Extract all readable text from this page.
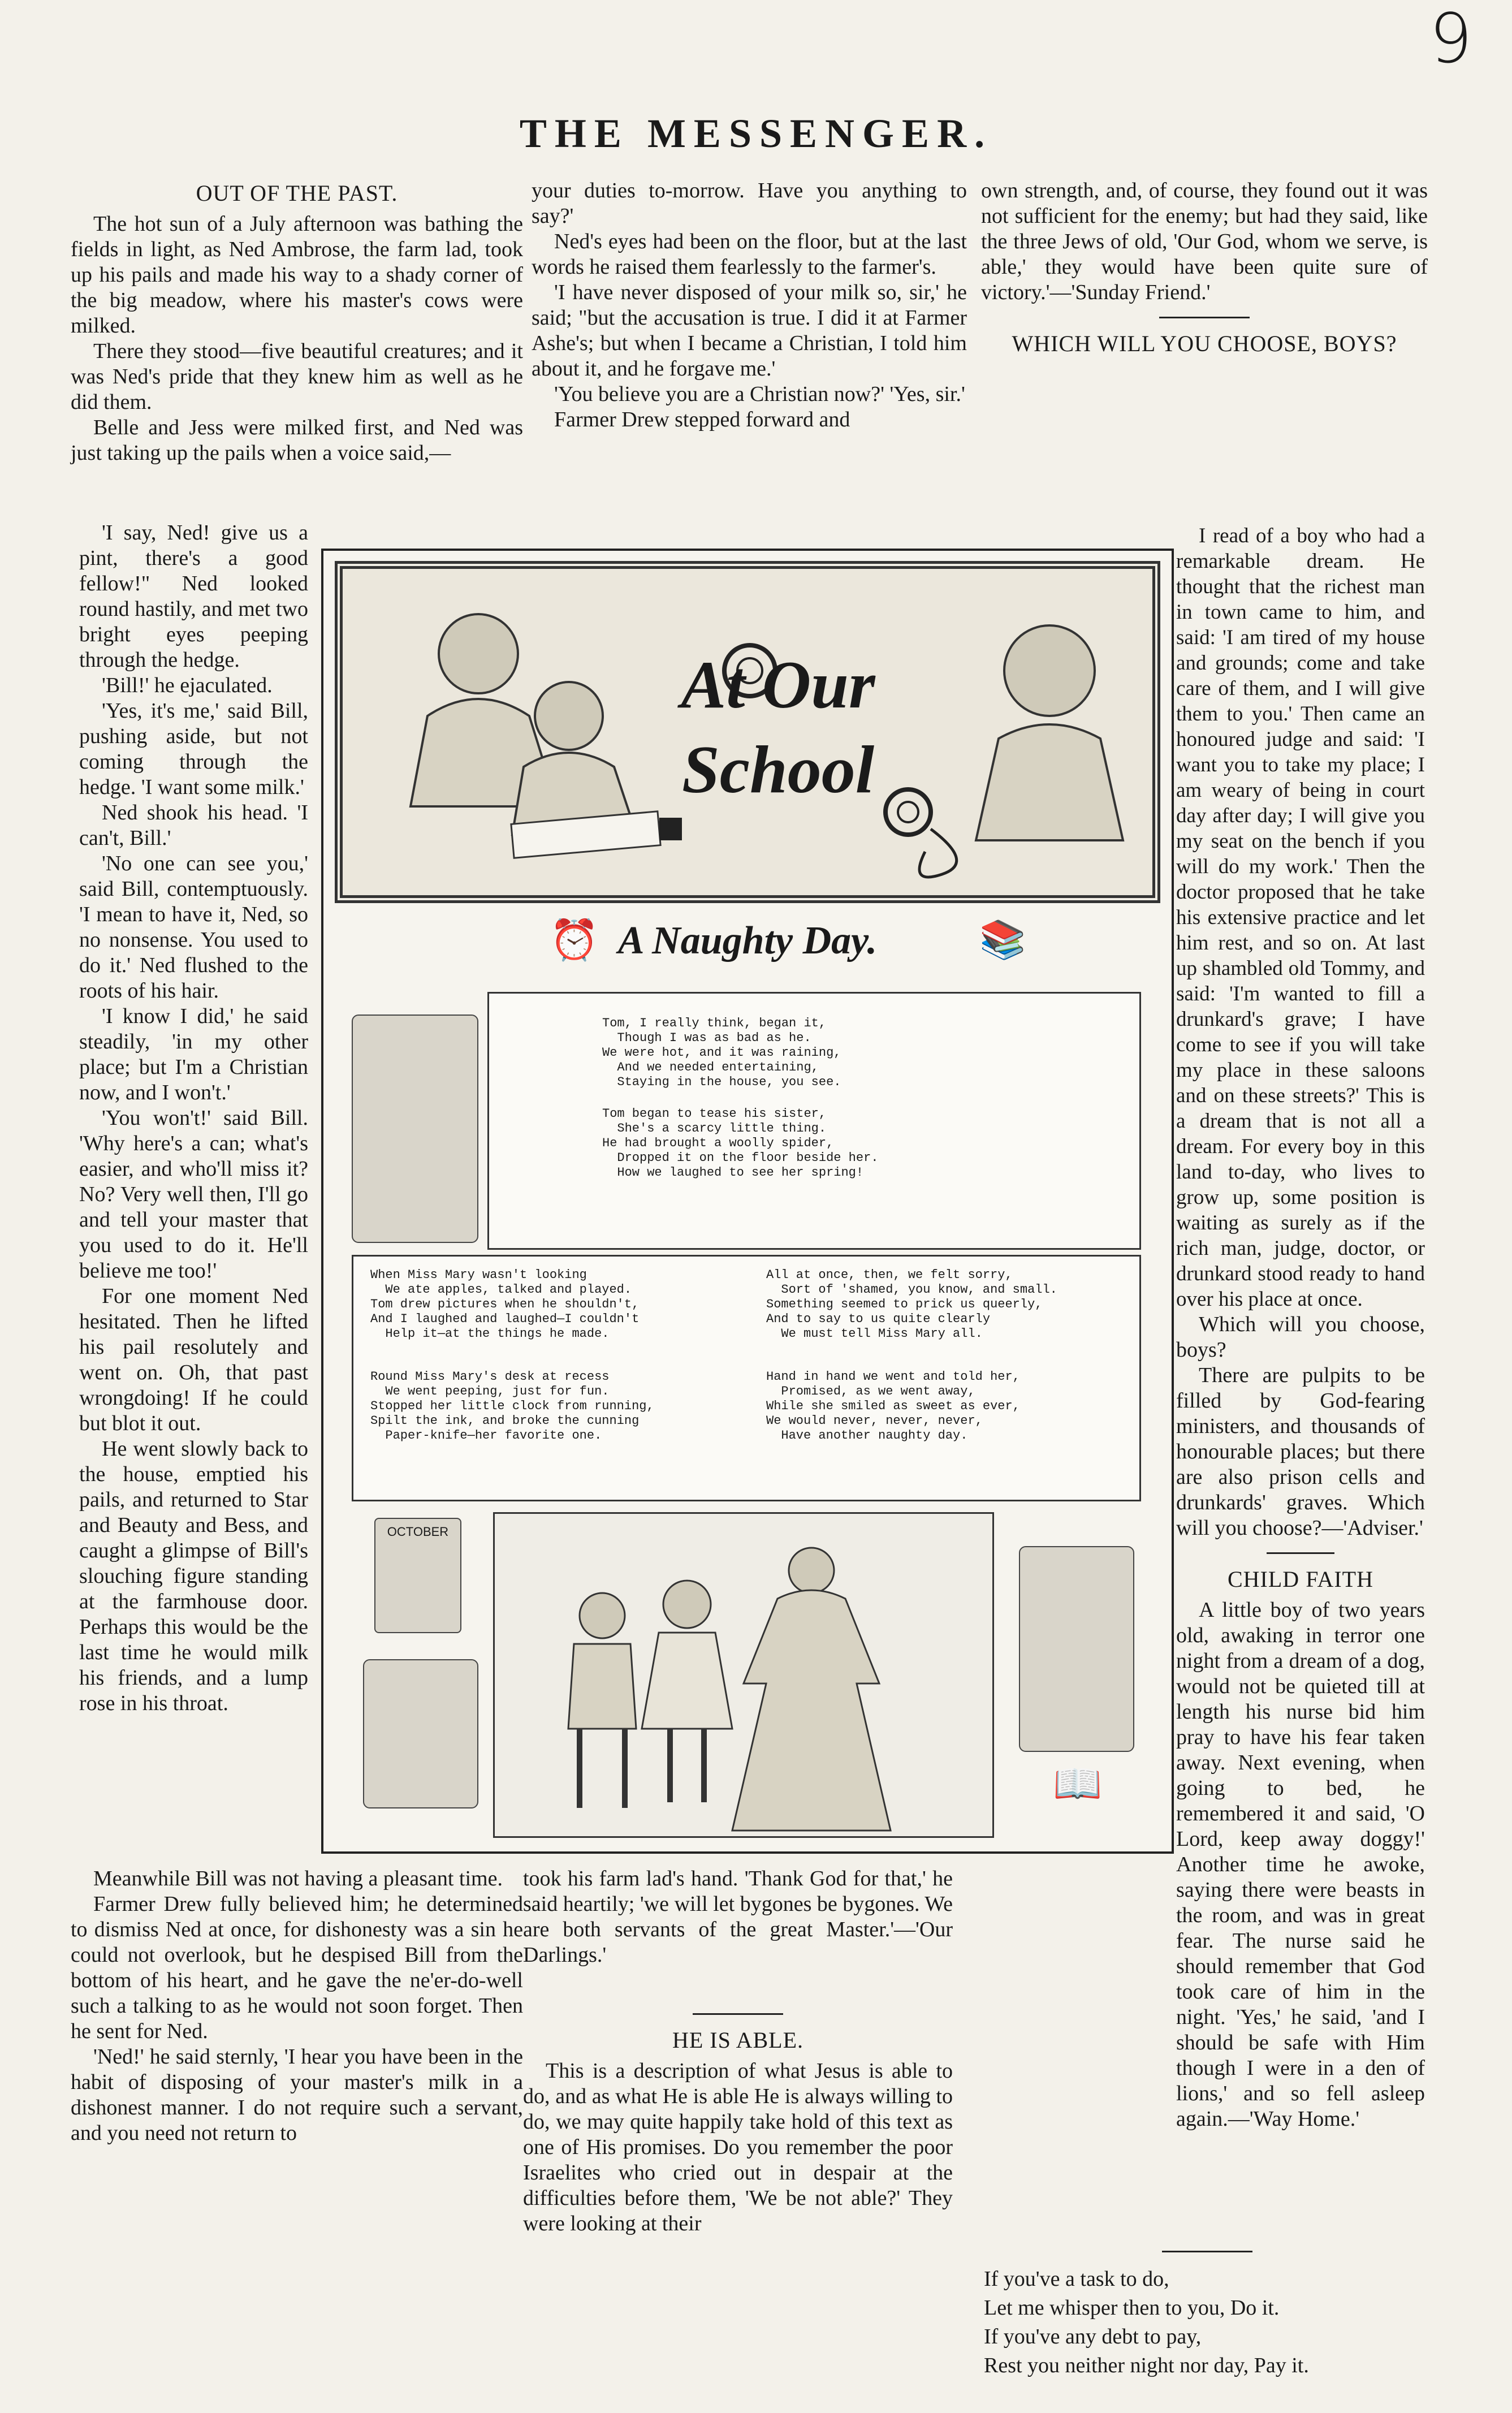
9
THE MESSENGER.
OUT OF THE PAST.

The hot sun of a July afternoon was bathing the fields in light, as Ned Ambrose, the farm lad, took up his pails and made his way to a shady corner of the big meadow, where his master's cows were milked.

There they stood—five beautiful creatures; and it was Ned's pride that they knew him as well as he did them.

Belle and Jess were milked first, and Ned was just taking up the pails when a voice said,—

'I say, Ned! give us a pint, there's a good fellow!" Ned looked round hastily, and met two bright eyes peeping through the hedge.

'Bill!' he ejaculated.

'Yes, it's me,' said Bill, pushing aside, but not coming through the hedge. 'I want some milk.'

Ned shook his head. 'I can't, Bill.'

'No one can see you,' said Bill, contemptuously. 'I mean to have it, Ned, so no nonsense. You used to do it.' Ned flushed to the roots of his hair.

'I know I did,' he said steadily, 'in my other place; but I'm a Christian now, and I won't.'

'You won't!' said Bill. 'Why here's a can; what's easier, and who'll miss it? No? Very well then, I'll go and tell your master that you used to do it. He'll believe me too!'

For one moment Ned hesitated. Then he lifted his pail resolutely and went on. Oh, that past wrongdoing! If he could but blot it out.

He went slowly back to the house, emptied his pails, and returned to Star and Beauty and Bess, and caught a glimpse of Bill's slouching figure standing at the farmhouse door. Perhaps this would be the last time he would milk his friends, and a lump rose in his throat.

Meanwhile Bill was not having a pleasant time.

Farmer Drew fully believed him; he determined to dismiss Ned at once, for dishonesty was a sin he could not overlook, but he despised Bill from the bottom of his heart, and he gave the ne'er-do-well such a talking to as he would not soon forget. Then he sent for Ned.

'Ned!' he said sternly, 'I hear you have been in the habit of disposing of your master's milk in a dishonest manner. I do not require such a servant, and you need not return to

your duties to-morrow. Have you anything to say?'

Ned's eyes had been on the floor, but at the last words he raised them fearlessly to the farmer's.

'I have never disposed of your milk so, sir,' he said; "but the accusation is true. I did it at Farmer Ashe's; but when I became a Christian, I told him about it, and he forgave me.'

'You believe you are a Christian now?' 'Yes, sir.'

Farmer Drew stepped forward and

took his farm lad's hand. 'Thank God for that,' he said heartily; 'we will let bygones be bygones. We are both servants of the great Master.'—'Our Darlings.'

HE IS ABLE.

This is a description of what Jesus is able to do, and as what He is able He is always willing to do, we may quite happily take hold of this text as one of His promises. Do you remember the poor Israelites who cried out in despair at the difficulties before them, 'We be not able?' They were looking at their

own strength, and, of course, they found out it was not sufficient for the enemy; but had they said, like the three Jews of old, 'Our God, whom we serve, is able,' they would have been quite sure of victory.'—'Sunday Friend.'

WHICH WILL YOU CHOOSE, BOYS?

I read of a boy who had a remarkable dream. He thought that the richest man in town came to him, and said: 'I am tired of my house and grounds; come and take care of them, and I will give them to you.' Then came an honoured judge and said: 'I want you to take my place; I am weary of being in court day after day; I will give you my seat on the bench if you will do my work.' Then the doctor proposed that he take his extensive practice and let him rest, and so on. At last up shambled old Tommy, and said: 'I'm wanted to fill a drunkard's grave; I have come to see if you will take my place in these saloons and on these streets?' This is a dream that is not all a dream. For every boy in this land to-day, who lives to grow up, some position is waiting as surely as if the rich man, judge, doctor, or drunkard stood ready to hand over his place at once.

Which will you choose, boys?

There are pulpits to be filled by God-fearing ministers, and thousands of honourable places; but there are also prison cells and drunkards' graves. Which will you choose?—'Adviser.'

CHILD FAITH

A little boy of two years old, awaking in terror one night from a dream of a dog, would not be quieted till at length his nurse bid him pray to have his fear taken away. Next evening, when going to bed, he remembered it and said, 'O Lord, keep away doggy!' Another time he awoke, saying there were beasts in the room, and was in great fear. The nurse said he should remember that God took care of him in the night. 'Yes,' he said, 'and I should be safe with Him though I were in a den of lions,' and so fell asleep again.—'Way Home.'

If you've a task to do,

Let me whisper then to you, Do it.

If you've any debt to pay,

Rest you neither night nor day, Pay it.

At Our School
A Naughty Day.
⏰	📚
Tom, I really think, began it,
Though I was as bad as he.
We were hot, and it was raining,
And we needed entertaining,
Staying in the house, you see.
Tom began to tease his sister,
She's a scarcy little thing.
He had brought a woolly spider,
Dropped it on the floor beside her.
How we laughed to see her spring!
When Miss Mary wasn't looking
We ate apples, talked and played.
Tom drew pictures when he shouldn't,
And I laughed and laughed—I couldn't
Help it—at the things he made.
Round Miss Mary's desk at recess
We went peeping, just for fun.
Stopped her little clock from running,
Spilt the ink, and broke the cunning
Paper-knife—her favorite one.
All at once, then, we felt sorry,
Sort of 'shamed, you know, and small.
Something seemed to prick us queerly,
And to say to us quite clearly
We must tell Miss Mary all.
Hand in hand we went and told her,
Promised, as we went away,
While she smiled as sweet as ever,
We would never, never, never,
Have another naughty day.
OCTOBER
📖
